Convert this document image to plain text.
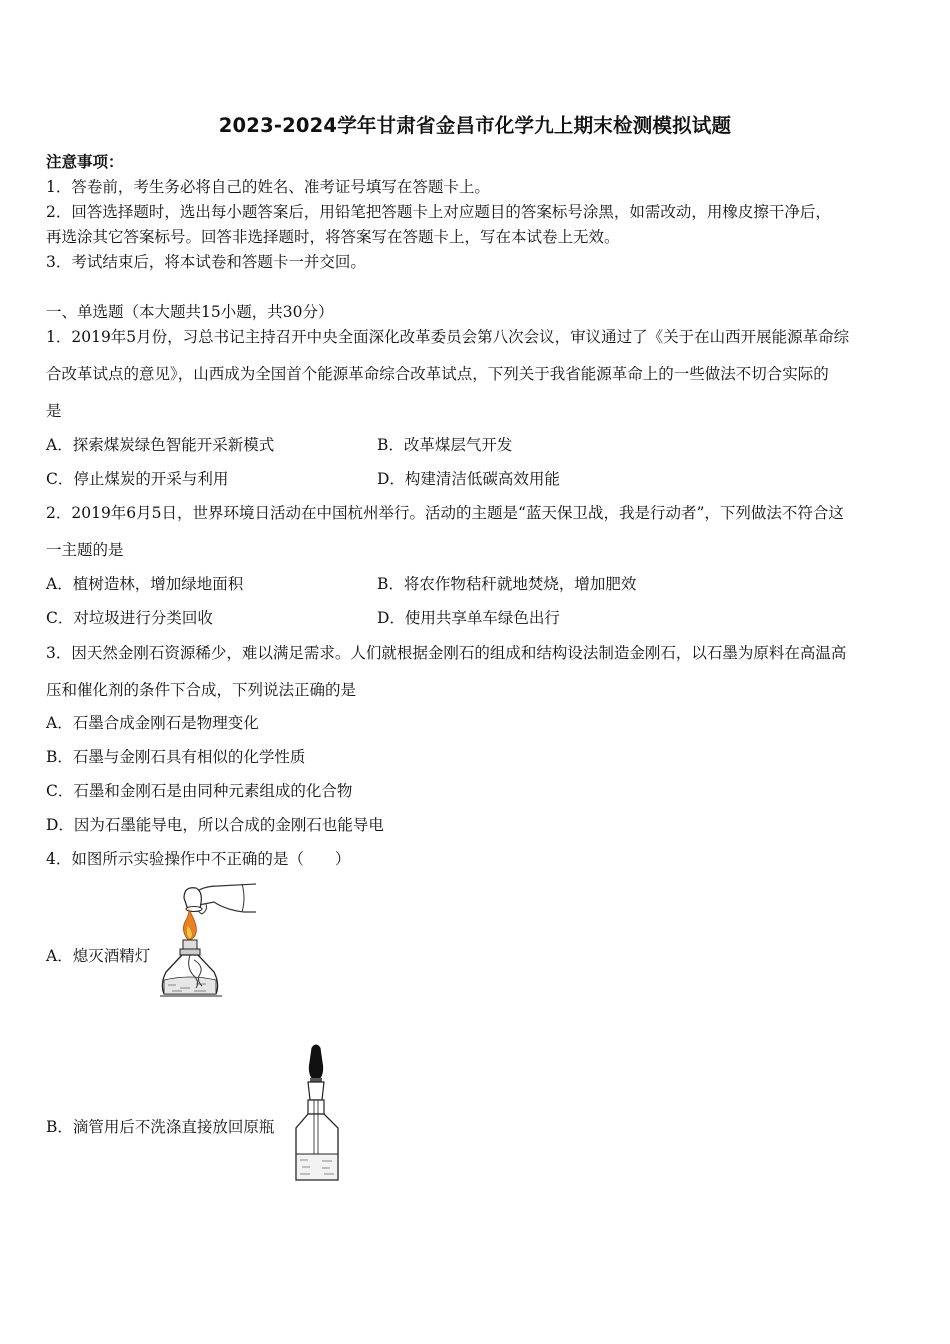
2023-2024学年甘肃省金昌市化学九上期末检测模拟试题
注意事项：
1．答卷前，考生务必将自己的姓名、准考证号填写在答题卡上。
2．回答选择题时，选出每小题答案后，用铅笔把答题卡上对应题目的答案标号涂黑，如需改动，用橡皮擦干净后，
再选涂其它答案标号。回答非选择题时，将答案写在答题卡上，写在本试卷上无效。
3．考试结束后，将本试卷和答题卡一并交回。
一、单选题（本大题共15小题，共30分）
1．2019年5月份，习总书记主持召开中央全面深化改革委员会第八次会议，审议通过了《关于在山西开展能源革命综
合改革试点的意见》，山西成为全国首个能源革命综合改革试点，下列关于我省能源革命上的一些做法不切合实际的
是
A．探索煤炭绿色智能开采新模式	B．改革煤层气开发
C．停止煤炭的开采与利用	D．构建清洁低碳高效用能
2．2019年6月5日，世界环境日活动在中国杭州举行。活动的主题是“蓝天保卫战，我是行动者”，下列做法不符合这
一主题的是
A．植树造林，增加绿地面积	B．将农作物秸秆就地焚烧，增加肥效
C．对垃圾进行分类回收	D．使用共享单车绿色出行
3．因天然金刚石资源稀少，难以满足需求。人们就根据金刚石的组成和结构设法制造金刚石，以石墨为原料在高温高
压和催化剂的条件下合成，下列说法正确的是
A．石墨合成金刚石是物理变化
B．石墨与金刚石具有相似的化学性质
C．石墨和金刚石是由同种元素组成的化合物
D．因为石墨能导电，所以合成的金刚石也能导电
4．如图所示实验操作中不正确的是（　　）
A．熄灭酒精灯
B．滴管用后不洗涤直接放回原瓶
